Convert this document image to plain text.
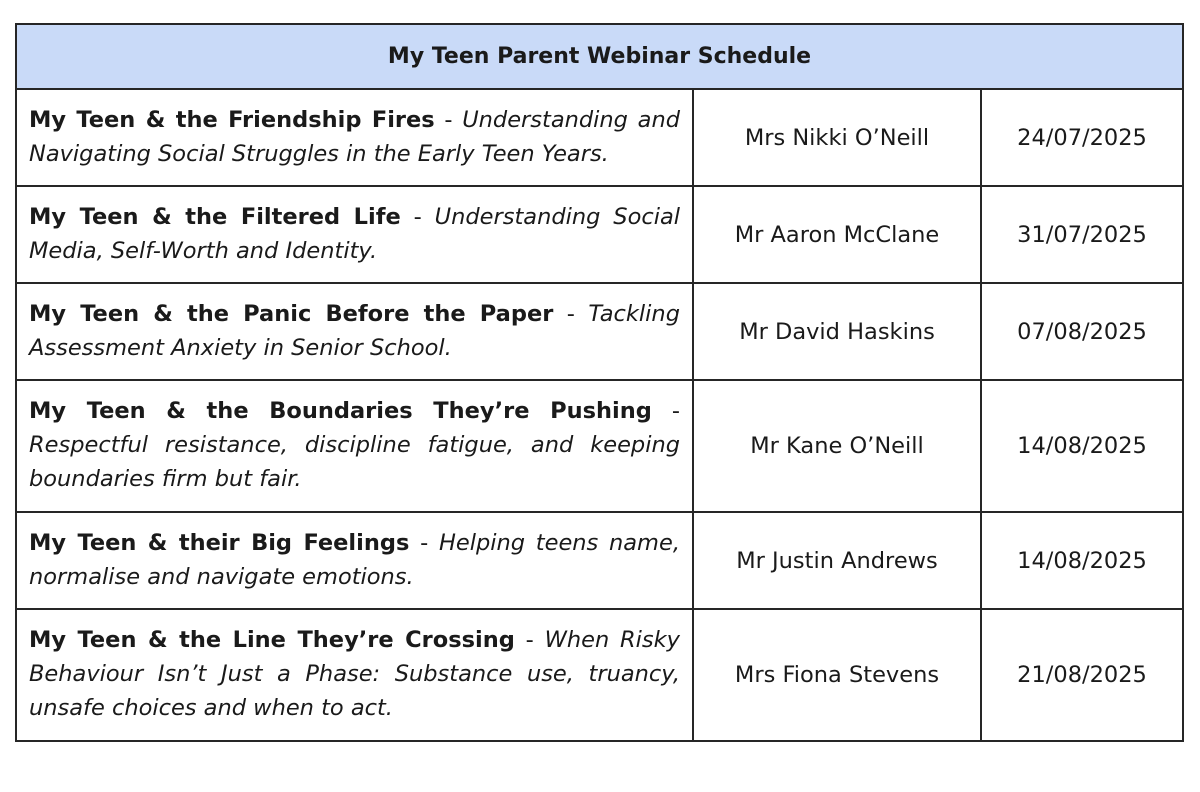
My Teen Parent Webinar Schedule		
My Teen & the Friendship Fires - Understanding and Navigating Social Struggles in the Early Teen Years.	Mrs Nikki O’Neill	24/07/2025
My Teen & the Filtered Life - Understanding Social Media, Self-Worth and Identity.	Mr Aaron McClane	31/07/2025
My Teen & the Panic Before the Paper - Tackling Assessment Anxiety in Senior School.	Mr David Haskins	07/08/2025
My Teen & the Boundaries They’re Pushing - Respectful resistance, discipline fatigue, and keeping boundaries firm but fair.	Mr Kane O’Neill	14/08/2025
My Teen & their Big Feelings - Helping teens name, normalise and navigate emotions.	Mr Justin Andrews	14/08/2025
My Teen & the Line They’re Crossing - When Risky Behaviour Isn’t Just a Phase: Substance use, truancy, unsafe choices and when to act.	Mrs Fiona Stevens	21/08/2025
